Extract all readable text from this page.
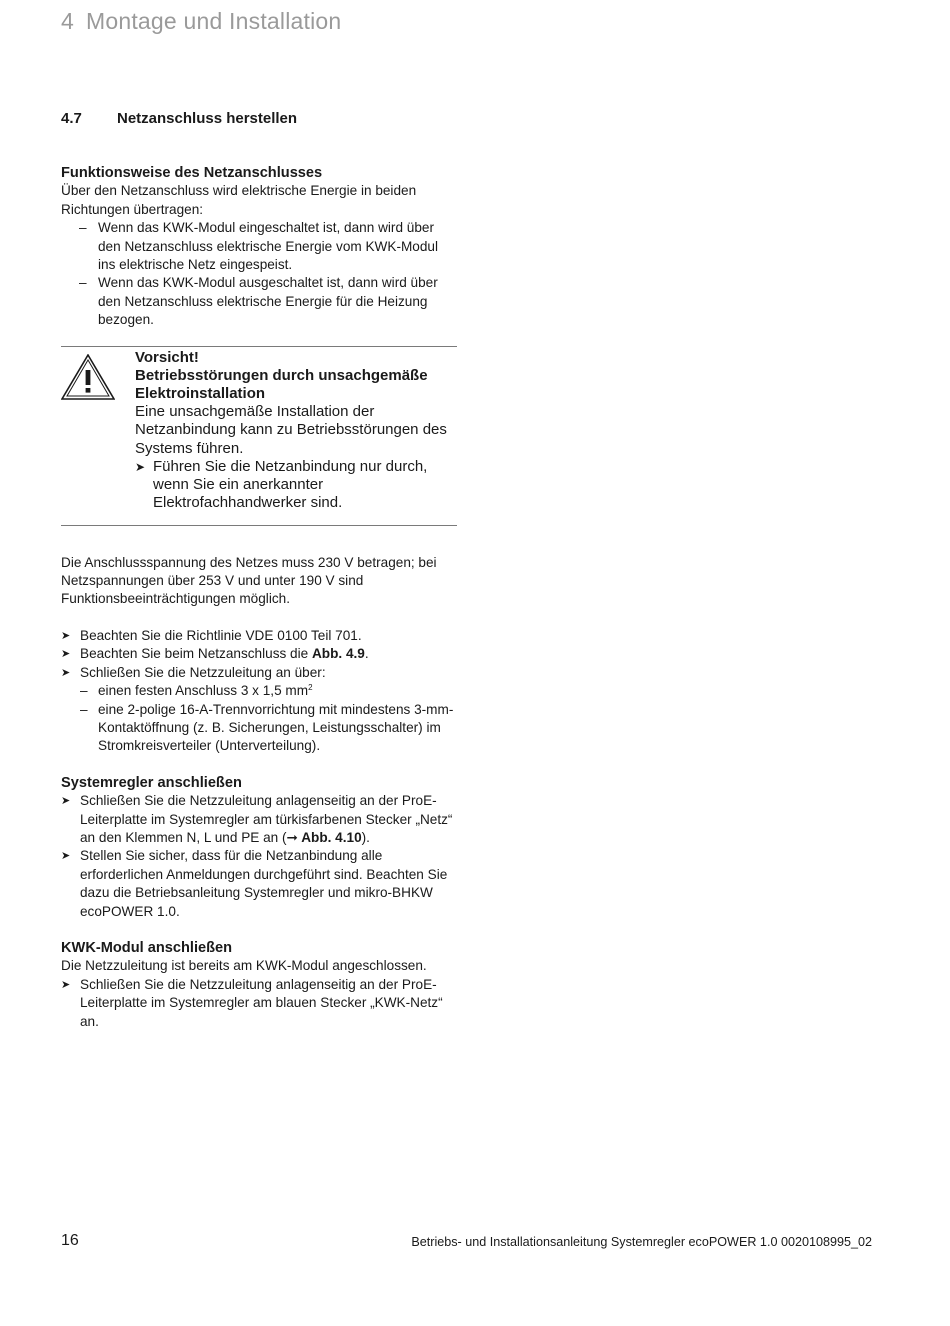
4 Montage und Installation
4.7 Netzanschluss herstellen

Funktionsweise des Netzanschlusses

Über den Netzanschluss wird elektrische Energie in beiden Richtungen übertragen:

– Wenn das KWK-Modul eingeschaltet ist, dann wird über den Netzanschluss elektrische Energie vom KWK-Modul ins elektrische Netz eingespeist.
– Wenn das KWK-Modul ausgeschaltet ist, dann wird über den Netzanschluss elektrische Energie für die Heizung bezogen.
Vorsicht!
Betriebsstörungen durch unsachgemäße Elektroinstallation
Eine unsachgemäße Installation der Netzanbindung kann zu Betriebsstörungen des Systems führen.
➤ Führen Sie die Netzanbindung nur durch, wenn Sie ein anerkannter Elektrofachhandwerker sind.

Die Anschlussspannung des Netzes muss 230 V betragen; bei Netzspannungen über 253 V und unter 190 V sind Funktionsbeeinträchtigungen möglich.

➤ Beachten Sie die Richtlinie VDE 0100 Teil 701.
➤ Beachten Sie beim Netzanschluss die Abb. 4.9.
➤ Schließen Sie die Netzzuleitung an über:
– einen festen Anschluss 3 x 1,5 $mm^2$
– eine 2-polige 16-A-Trennvorrichtung mit mindestens 3-mm-Kontaktöffnung (z. B. Sicherungen, Leistungsschalter) im Stromkreisverteiler (Unterverteilung).

Systemregler anschließen

➤ Schließen Sie die Netzzuleitung anlagenseitig an der ProE-Leiterplatte im Systemregler am türkisfarbenen Stecker „Netz“ an den Klemmen N, L und PE an (➞ Abb. 4.10).
➤ Stellen Sie sicher, dass für die Netzanbindung alle erforderlichen Anmeldungen durchgeführt sind. Beachten Sie dazu die Betriebsanleitung Systemregler und mikro-BHKW ecoPOWER 1.0.

KWK-Modul anschließen

Die Netzzuleitung ist bereits am KWK-Modul angeschlossen.

➤ Schließen Sie die Netzzuleitung anlagenseitig an der ProE-Leiterplatte im Systemregler am blauen Stecker „KWK-Netz“ an.
16	Betriebs- und Installationsanleitung Systemregler ecoPOWER 1.0 0020108995_02
